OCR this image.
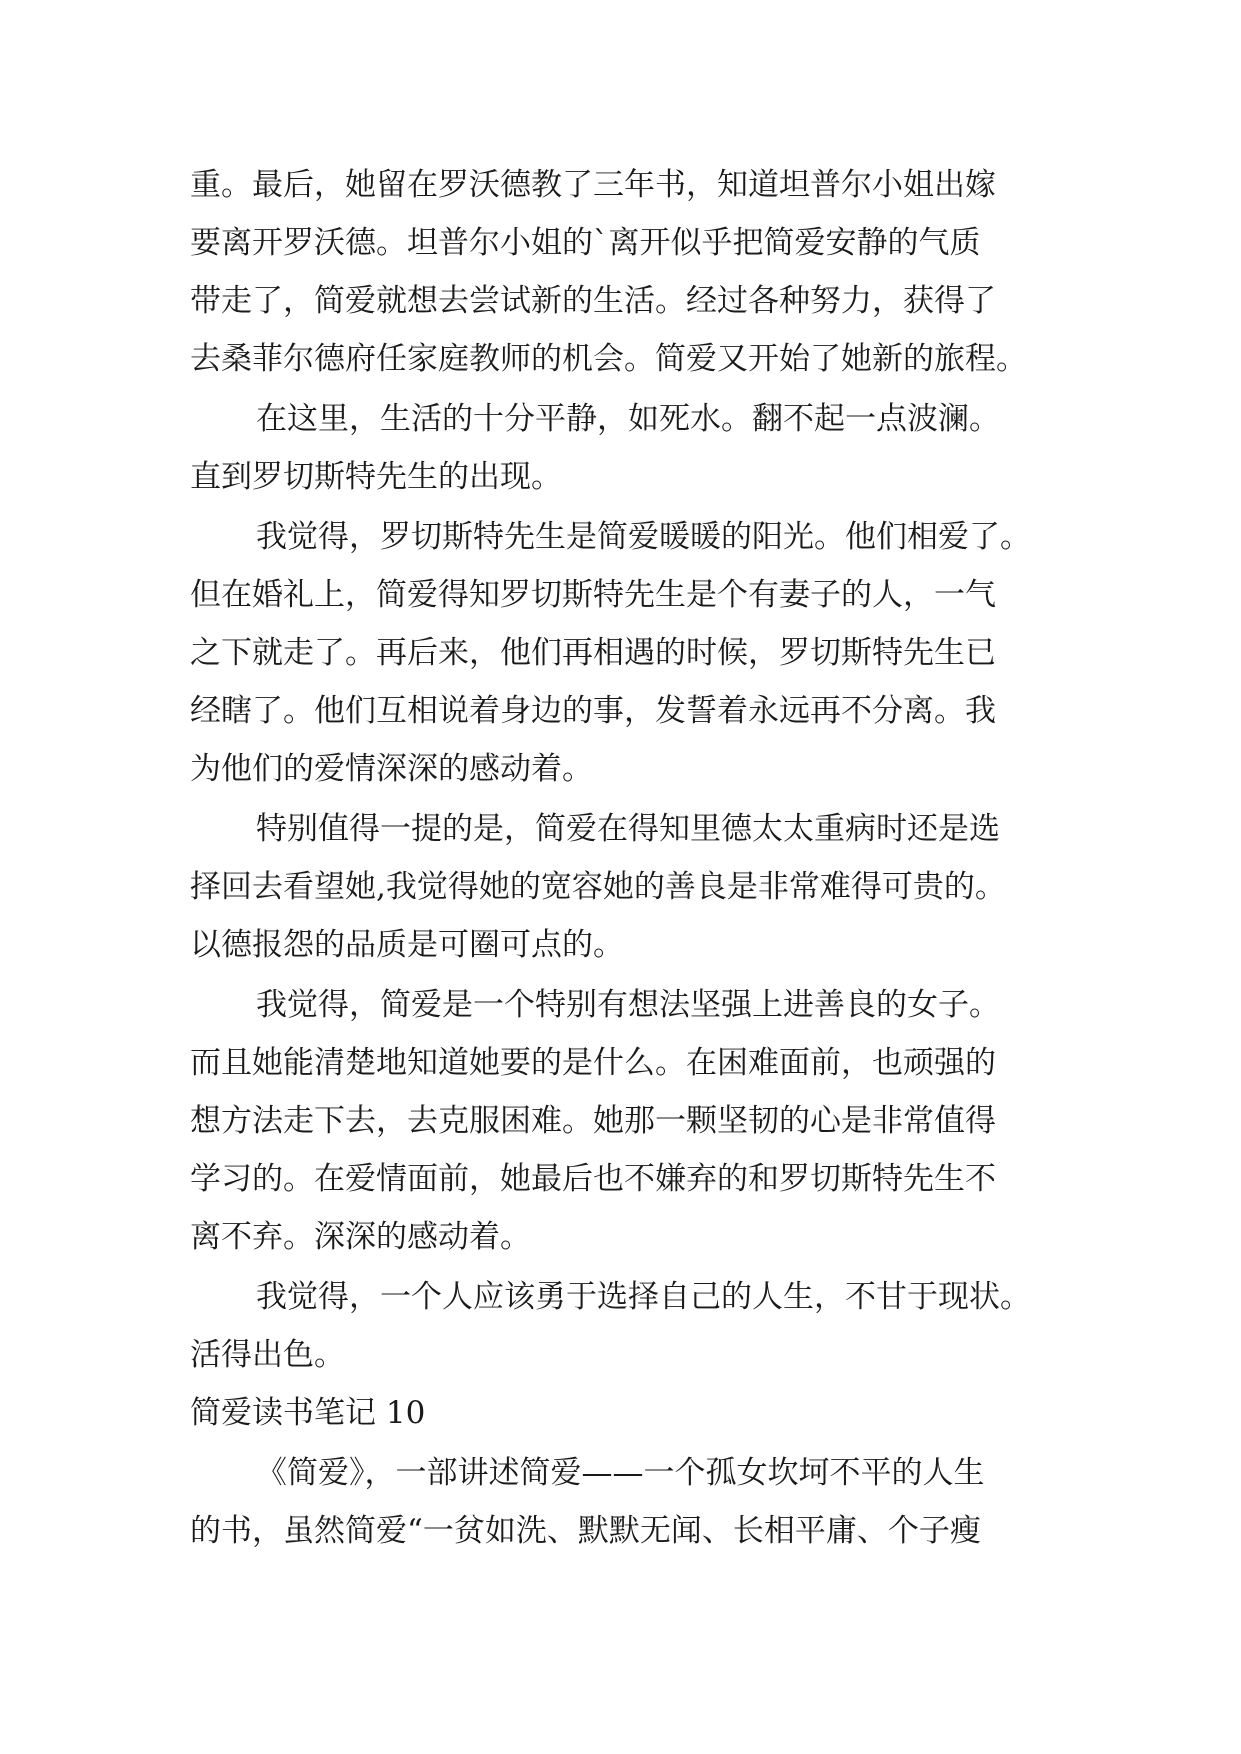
重。最后，她留在罗沃德教了三年书，知道坦普尔小姐出嫁
要离开罗沃德。坦普尔小姐的`离开似乎把简爱安静的气质
带走了，简爱就想去尝试新的生活。经过各种努力，获得了
去桑菲尔德府任家庭教师的机会。简爱又开始了她新的旅程。
在这里，生活的十分平静，如死水。翻不起一点波澜。
直到罗切斯特先生的出现。
我觉得，罗切斯特先生是简爱暖暖的阳光。他们相爱了。
但在婚礼上，简爱得知罗切斯特先生是个有妻子的人，一气
之下就走了。再后来，他们再相遇的时候，罗切斯特先生已
经瞎了。他们互相说着身边的事，发誓着永远再不分离。我
为他们的爱情深深的感动着。
特别值得一提的是，简爱在得知里德太太重病时还是选
择回去看望她,我觉得她的宽容她的善良是非常难得可贵的。
以德报怨的品质是可圈可点的。
我觉得，简爱是一个特别有想法坚强上进善良的女子。
而且她能清楚地知道她要的是什么。在困难面前，也顽强的
想方法走下去，去克服困难。她那一颗坚韧的心是非常值得
学习的。在爱情面前，她最后也不嫌弃的和罗切斯特先生不
离不弃。深深的感动着。
我觉得，一个人应该勇于选择自己的人生，不甘于现状。
活得出色。
简爱读书笔记 10
《简爱》，一部讲述简爱——一个孤女坎坷不平的人生
的书，虽然简爱“一贫如洗、默默无闻、长相平庸、个子瘦
